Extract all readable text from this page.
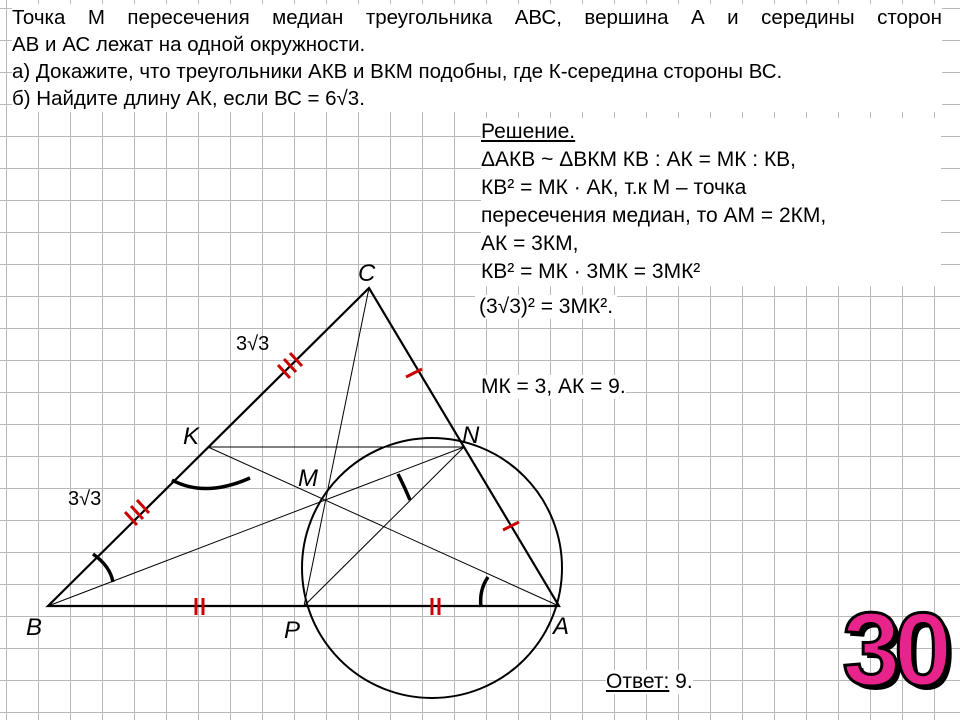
C
K	N
M
B	P	A
3√3
3√3
Точка М пересечения медиан треугольника АВС, вершина А и середины сторон
АВ и АС лежат на одной окружности.
а) Докажите, что треугольники АКВ и ВКМ подобны, где К-середина стороны ВС.
б) Найдите длину АК, если ВС = 6√3.
Решение.
ΔАКВ ~ ΔВКМ КВ : АК = МК : КВ,
КВ² = МК · АК, т.к М – точка
пересечения медиан, то АМ = 2КМ,
АК = 3КМ,
КВ² = МК · 3МК = 3МК²
(3√3)² = 3МК².
МК = 3, АК = 9.
Ответ: 9. 30
